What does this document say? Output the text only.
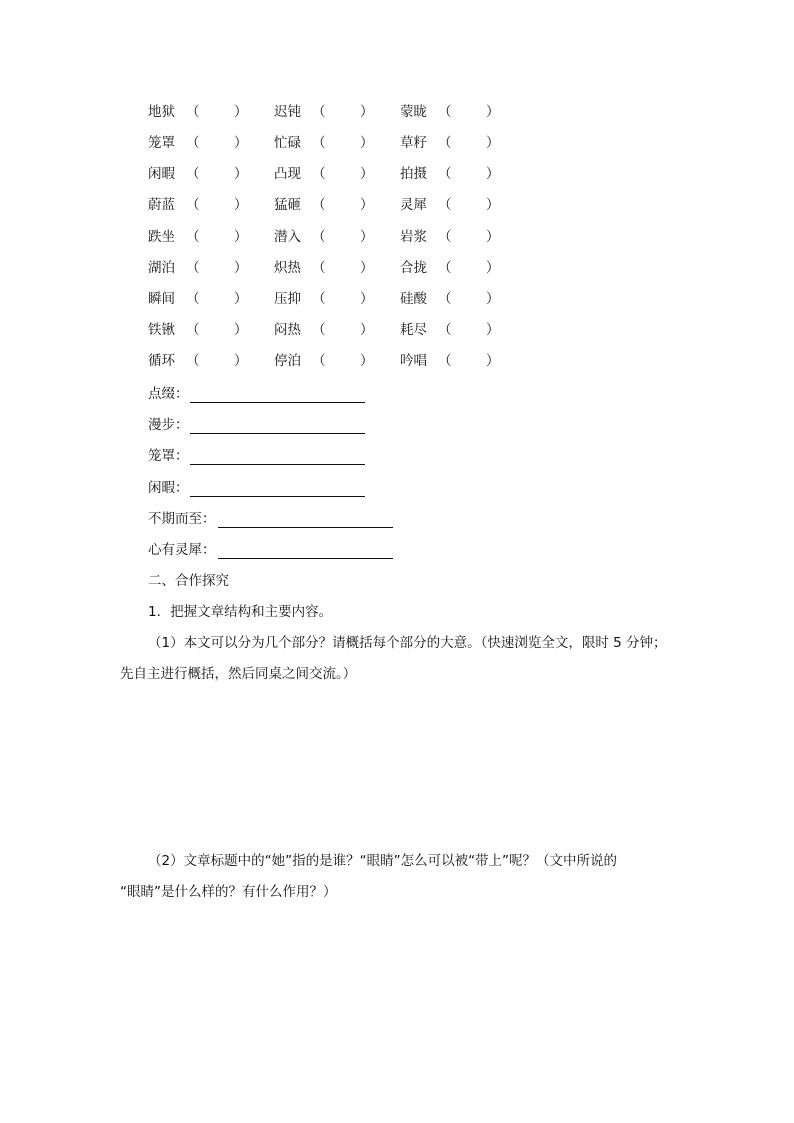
地狱 （	） 迟钝 （	） 蒙眬 （	）
笼罩 （	） 忙碌 （	） 草籽 （	）
闲暇 （	） 凸现 （	） 拍摄 （	）
蔚蓝 （	） 猛砸 （	） 灵犀 （	）
跌坐 （	） 潜入 （	） 岩浆 （	）
湖泊 （	） 炽热 （	） 合拢 （	）
瞬间 （	） 压抑 （	） 硅酸 （	）
铁锹 （	） 闷热 （	） 耗尽 （	）
循环 （	） 停泊 （	） 吟唱 （	）
点缀：
漫步：
笼罩：
闲暇：
不期而至：
心有灵犀：
二、合作探究
1．把握文章结构和主要内容。
（1）本文可以分为几个部分？请概括每个部分的大意。（快速浏览全文，限时 5 分钟；
先自主进行概括，然后同桌之间交流。）
（2）文章标题中的“她”指的是谁？“眼睛”怎么可以被“带上”呢？（文中所说的
“眼睛”是什么样的？有什么作用？）
